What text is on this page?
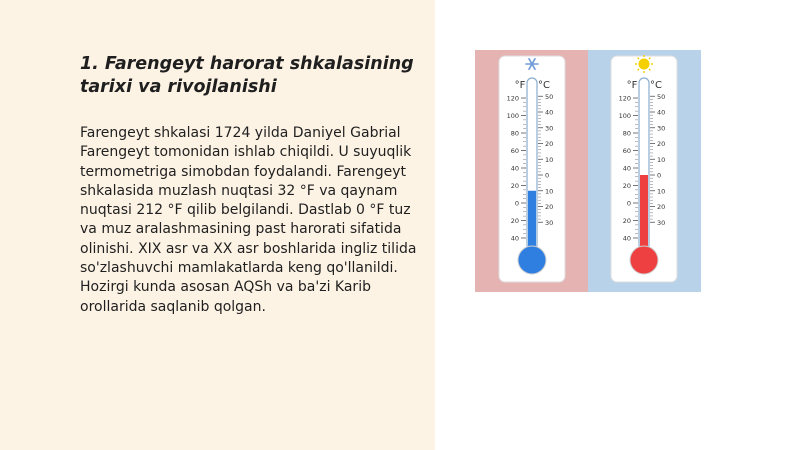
1. Farengeyt harorat shkalasining tarixi va rivojlanishi

Farengeyt shkalasi 1724 yilda Daniyel Gabrial Farengeyt tomonidan ishlab chiqildi. U suyuqlik termometriga simobdan foydalandi. Farengeyt shkalasida muzlash nuqtasi 32 °F va qaynam nuqtasi 212 °F qilib belgilandi. Dastlab 0 °F tuz va muz aralashmasining past harorati sifatida olinishi. XIX asr va XX asr boshlarida ingliz tilida so'zlashuvchi mamlakatlarda keng qo'llanildi. Hozirgi kunda asosan AQSh va ba'zi Karib orollarida saqlanib qolgan.

°F °C
120
100
80
60
40
20
0
20
40
50
40
30
20
10
0
10
20
30
°F °C
120
100
80
60
40
20
0
20
40
50
40
30
20
10
0
10
20
30
